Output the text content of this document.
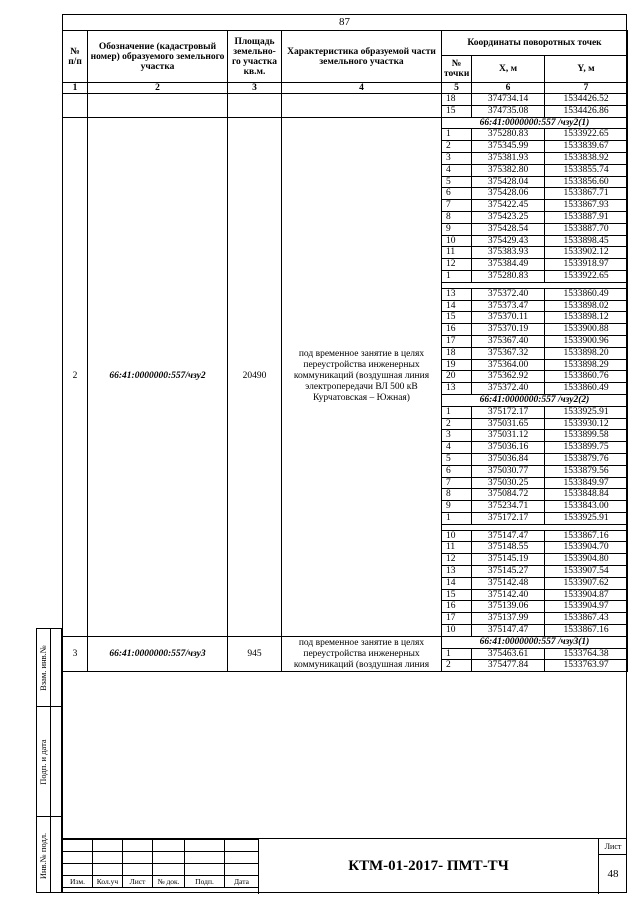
87
№ п/п	Обозначение (кадастровый номер) образуемого земельного участка	Площадь земельно-го участка кв.м.	Характеристика образуемой части земельного участка	Координаты поворотных точек		
				№ точки	X, м	Y, м
1	2	3	4	5	6	7
				18	374734.14	1534426.52
				15	374735.08	1534426.86
2	66:41:0000000:557/чзу2	20490	под временное занятие в целях переустройства инженерных коммуникаций (воздушная линия электропередачи ВЛ 500 кВ Курчатовская – Южная)	66:41:0000000:557 /чзу2(1)		
				1	375280.83	1533922.65
				2	375345.99	1533839.67
				3	375381.93	1533838.92
				4	375382.80	1533855.74
				5	375428.04	1533856.60
				6	375428.06	1533867.71
				7	375422.45	1533867.93
				8	375423.25	1533887.91
				9	375428.54	1533887.70
				10	375429.43	1533898.45
				11	375383.93	1533902.12
				12	375384.49	1533918.97
				1	375280.83	1533922.65

				13	375372.40	1533860.49
				14	375373.47	1533898.02
				15	375370.11	1533898.12
				16	375370.19	1533900.88
				17	375367.40	1533900.96
				18	375367.32	1533898.20
				19	375364.00	1533898.29
				20	375362.92	1533860.76
				13	375372.40	1533860.49
				66:41:0000000:557 /чзу2(2)		
				1	375172.17	1533925.91
				2	375031.65	1533930.12
				3	375031.12	1533899.58
				4	375036.16	1533899.75
				5	375036.84	1533879.76
				6	375030.77	1533879.56
				7	375030.25	1533849.97
				8	375084.72	1533848.84
				9	375234.71	1533843.00
				1	375172.17	1533925.91

				10	375147.47	1533867.16
				11	375148.55	1533904.70
				12	375145.19	1533904.80
				13	375145.27	1533907.54
				14	375142.48	1533907.62
				15	375142.40	1533904.87
				16	375139.06	1533904.97
				17	375137.99	1533867.43
				10	375147.47	1533867.16
3	66:41:0000000:557/чзу3	945	под временное занятие в целях переустройства инженерных коммуникаций (воздушная линия	66:41:0000000:557 /чзу3(1)		
				1	375463.61	1533764.38
				2	375477.84	1533763.97
Взам. инв.№
Подп. и дата
Инв.№ подл.

Изм.	Кол.уч	Лист	№ док.	Подп.	Дата
КТМ-01-2017- ПМТ-ТЧ
Лист
48
